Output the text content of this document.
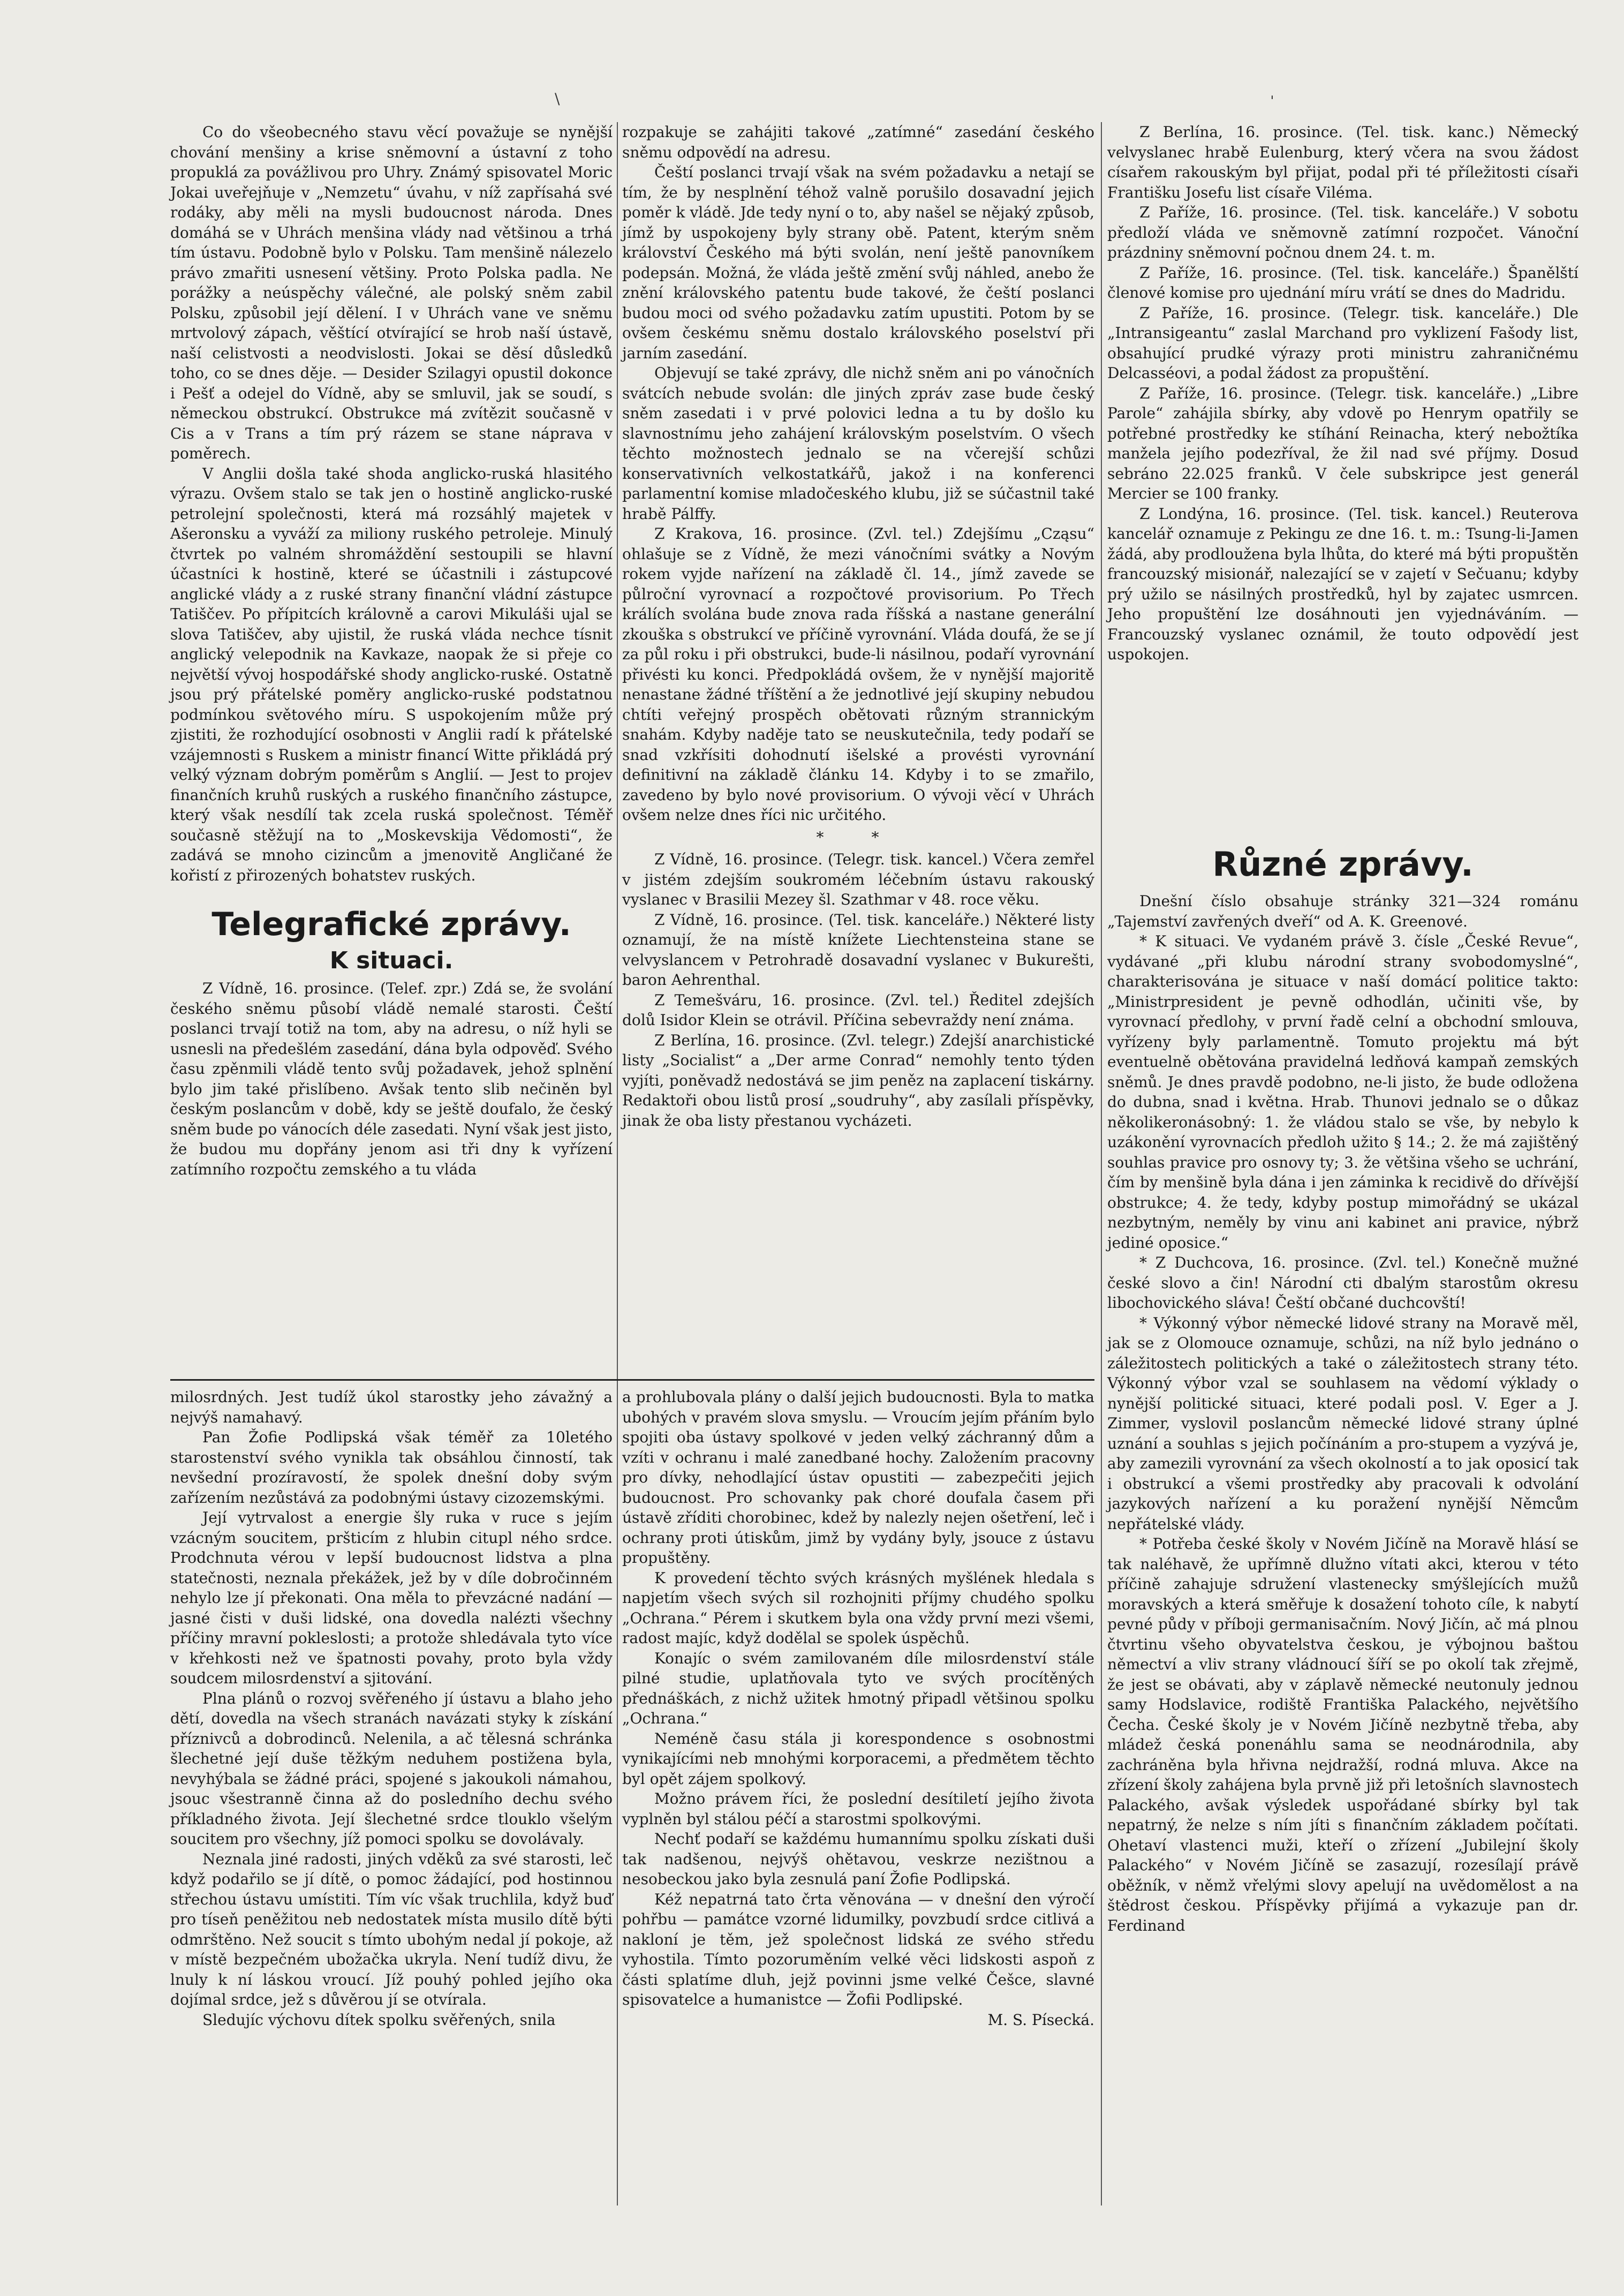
\	ˈ

Co do všeobecného stavu věcí považuje se nynější chování menšiny a krise sněmovní a ústavní z toho propuklá za povážlivou pro Uhry. Známý spisovatel Moric Jokai uveřejňuje v „Nemzetu“ úvahu, v níž zapřísahá své rodáky, aby měli na mysli budoucnost národa. Dnes domáhá se v Uhrách menšina vlády nad většinou a trhá tím ústavu. Podobně bylo v Polsku. Tam menšině nálezelo právo zmařiti usnesení většiny. Proto Polska padla. Ne porážky a neúspěchy válečné, ale polský sněm zabil Polsku, způsobil její dělení. I v Uhrách vane ve sněmu mrtvolový zápach, věštící otvírající se hrob naší ústavě, naší celistvosti a neodvislosti. Jokai se děsí důsledků toho, co se dnes děje. — Desider Szilagyi opustil dokonce i Pešť a odejel do Vídně, aby se smluvil, jak se soudí, s německou obstrukcí. Obstrukce má zvítězit současně v Cis a v Trans a tím prý rázem se stane náprava v poměrech.

V Anglii došla také shoda anglicko-ruská hlasitého výrazu. Ovšem stalo se tak jen o hostině anglicko-ruské petrolejní společnosti, která má rozsáhlý majetek v Ašeronsku a vyváží za miliony ruského petroleje. Minulý čtvrtek po valném shromáždění sestoupili se hlavní účastníci k hostině, které se účastnili i zástupcové anglické vlády a z ruské strany finanční vládní zástupce Tatiščev. Po přípitcích královně a carovi Mikuláši ujal se slova Tatiščev, aby ujistil, že ruská vláda nechce tísnit anglický velepodnik na Kavkaze, naopak že si přeje co největší vývoj hospodářské shody anglicko-ruské. Ostatně jsou prý přátelské poměry anglicko-ruské podstatnou podmínkou světového míru. S uspokojením může prý zjistiti, že rozhodující osobnosti v Anglii radí k přátelské vzájemnosti s Ruskem a ministr financí Witte přikládá prý velký význam dobrým poměrům s Anglií. — Jest to projev finančních kruhů ruských a ruského finančního zástupce, který však nesdílí tak zcela ruská společnost. Téměř současně stěžují na to „Moskevskija Vědomosti“, že zadává se mnoho cizincům a jmenovitě Angličané že kořistí z přirozených bohatstev ruských.

Telegrafické zprávy.
K situaci.

Z Vídně, 16. prosince. (Telef. zpr.) Zdá se, že svolání českého sněmu působí vládě nemalé starosti. Čeští poslanci trvají totiž na tom, aby na adresu, o níž hyli se usnesli na předešlém zasedání, dána byla odpověď. Svého času zpěnmili vládě tento svůj požadavek, jehož splnění bylo jim také přislíbeno. Avšak tento slib nečiněn byl českým poslancům v době, kdy se ještě doufalo, že český sněm bude po vánocích déle zasedati. Nyní však jest jisto, že budou mu dopřány jenom asi tři dny k vyřízení zatímního rozpočtu zemského a tu vláda

rozpakuje se zahájiti takové „zatímné“ zasedání českého sněmu odpovědí na adresu.

Čeští poslanci trvají však na svém požadavku a netají se tím, že by nesplnění téhož valně porušilo dosavadní jejich poměr k vládě. Jde tedy nyní o to, aby našel se nějaký způsob, jímž by uspokojeny byly strany obě. Patent, kterým sněm království Českého má býti svolán, není ještě panovníkem podepsán. Možná, že vláda ještě změní svůj náhled, anebo že znění královského patentu bude takové, že čeští poslanci budou moci od svého požadavku zatím upustiti. Potom by se ovšem českému sněmu dostalo královského poselství při jarním zasedání.

Objevují se také zprávy, dle nichž sněm ani po vánočních svátcích nebude svolán: dle jiných zpráv zase bude český sněm zasedati i v prvé polovici ledna a tu by došlo ku slavnostnímu jeho zahájení královským poselstvím. O všech těchto možnostech jednalo se na včerejší schůzi konservativních velkostatkářů, jakož i na konferenci parlamentní komise mladočeského klubu, již se súčastnil také hrabě Pálffy.

Z Krakova, 16. prosince. (Zvl. tel.) Zdejšímu „Cząsu“ ohlašuje se z Vídně, že mezi vánočními svátky a Novým rokem vyjde nařízení na základě čl. 14., jímž zavede se půlroční vyrovnací a rozpočtové provisorium. Po Třech králích svolána bude znova rada říšská a nastane generální zkouška s obstrukcí ve příčině vyrovnání. Vláda doufá, že se jí za půl roku i při obstrukci, bude-li násilnou, podaří vyrovnání přivésti ku konci. Předpokládá ovšem, že v nynější majoritě nenastane žádné tříštění a že jednotlivé její skupiny nebudou chtíti veřejný prospěch obětovati různým strannickým snahám. Kdyby naděje tato se neuskutečnila, tedy podaří se snad vzkřísiti dohodnutí išelské a provésti vyrovnání definitivní na základě článku 14. Kdyby i to se zmařilo, zavedeno by bylo nové provisorium. O vývoji věcí v Uhrách ovšem nelze dnes říci nic určitého.

* *

Z Vídně, 16. prosince. (Telegr. tisk. kancel.) Včera zemřel v jistém zdejším soukromém léčebním ústavu rakouský vyslanec v Brasilii Mezey šl. Szathmar v 48. roce věku.

Z Vídně, 16. prosince. (Tel. tisk. kanceláře.) Některé listy oznamují, že na místě knížete Liechtensteina stane se velvyslancem v Petrohradě dosavadní vyslanec v Bukurešti, baron Aehrenthal.

Z Temešváru, 16. prosince. (Zvl. tel.) Ředitel zdejších dolů Isidor Klein se otrávil. Příčina sebevraždy není známa.

Z Berlína, 16. prosince. (Zvl. telegr.) Zdejší anarchistické listy „Socialist“ a „Der arme Conrad“ nemohly tento týden vyjíti, poněvadž nedostává se jim peněz na zaplacení tiskárny. Redaktoři obou listů prosí „soudruhy“, aby zasílali příspěvky, jinak že oba listy přestanou vycházeti.

Z Berlína, 16. prosince. (Tel. tisk. kanc.) Německý velvyslanec hrabě Eulenburg, který včera na svou žádost císařem rakouským byl přijat, podal při té příležitosti císaři Františku Josefu list císaře Viléma.

Z Paříže, 16. prosince. (Tel. tisk. kanceláře.) V sobotu předloží vláda ve sněmovně zatímní rozpočet. Vánoční prázdniny sněmovní počnou dnem 24. t. m.

Z Paříže, 16. prosince. (Tel. tisk. kanceláře.) Španělští členové komise pro ujednání míru vrátí se dnes do Madridu.

Z Paříže, 16. prosince. (Telegr. tisk. kanceláře.) Dle „Intransigeantu“ zaslal Marchand pro vyklizení Fašody list, obsahující prudké výrazy proti ministru zahraničnému Delcasséovi, a podal žádost za propuštění.

Z Paříže, 16. prosince. (Telegr. tisk. kanceláře.) „Libre Parole“ zahájila sbírky, aby vdově po Henrym opatřily se potřebné prostředky ke stíhání Reinacha, který nebožtíka manžela jejího podezříval, že žil nad své příjmy. Dosud sebráno 22.025 franků. V čele subskripce jest generál Mercier se 100 franky.

Z Londýna, 16. prosince. (Tel. tisk. kancel.) Reuterova kancelář oznamuje z Pekingu ze dne 16. t. m.: Tsung-li-Jamen žádá, aby prodloužena byla lhůta, do které má býti propuštěn francouzský misionář, nalezající se v zajetí v Sečuanu; kdyby prý užilo se násilných prostředků, hyl by zajatec usmrcen. Jeho propuštění lze dosáhnouti jen vyjednáváním. — Francouzský vyslanec oznámil, že touto odpovědí jest uspokojen.

Různé zprávy.

Dnešní číslo obsahuje stránky 321—324 románu „Tajemství zavřených dveří“ od A. K. Greenové.

* K situaci. Ve vydaném právě 3. čísle „České Revue“, vydávané „při klubu národní strany svobodomyslné“, charakterisována je situace v naší domácí politice takto: „Ministrpresident je pevně odhodlán, učiniti vše, by vyrovnací předlohy, v první řadě celní a obchodní smlouva, vyřízeny byly parlamentně. Tomuto projektu má být eventuelně obětována pravidelná ledňová kampaň zemských sněmů. Je dnes pravdě podobno, ne-li jisto, že bude odložena do dubna, snad i května. Hrab. Thunovi jednalo se o důkaz několikeronásobný: 1. že vládou stalo se vše, by nebylo k uzákonění vyrovnacích předloh užito § 14.; 2. že má zajištěný souhlas pravice pro osnovy ty; 3. že většina všeho se uchrání, čím by menšině byla dána i jen záminka k recidivě do dřívější obstrukce; 4. že tedy, kdyby postup mimořádný se ukázal nezbytným, neměly by vinu ani kabinet ani pravice, nýbrž jediné oposice.“

* Z Duchcova, 16. prosince. (Zvl. tel.) Konečně mužné české slovo a čin! Národní cti dbalým starostům okresu libochovického sláva! Čeští občané duchcovští!

* Výkonný výbor německé lidové strany na Moravě měl, jak se z Olomouce oznamuje, schůzi, na níž bylo jednáno o záležitostech politických a také o záležitostech strany této. Výkonný výbor vzal se souhlasem na vědomí výklady o nynější politické situaci, které podali posl. V. Eger a J. Zimmer, vyslovil poslancům německé lidové strany úplné uznání a souhlas s jejich počínáním a pro-stupem a vyzývá je, aby zamezili vyrovnání za všech okolností a to jak oposicí tak i obstrukcí a všemi prostředky aby pracovali k odvolání jazykových nařízení a ku poražení nynější Němcům nepřátelské vlády.

* Potřeba české školy v Novém Jičíně na Moravě hlásí se tak naléhavě, že upřímně dlužno vítati akci, kterou v této příčině zahajuje sdružení vlastenecky smýšlejících mužů moravských a která směřuje k dosažení tohoto cíle, k nabytí pevné půdy v příboji germanisačním. Nový Jičín, ač má plnou čtvrtinu všeho obyvatelstva českou, je výbojnou baštou němectví a vliv strany vládnoucí šíří se po okolí tak zřejmě, že jest se obávati, aby v záplavě německé neutonuly jednou samy Hodslavice, rodiště Františka Palackého, největšího Čecha. České školy je v Novém Jičíně nezbytně třeba, aby mládež česká ponenáhlu sama se neodnárodnila, aby zachráněna byla hřivna nejdražší, rodná mluva. Akce na zřízení školy zahájena byla prvně již při letošních slavnostech Palackého, avšak výsledek uspořádané sbírky byl tak nepatrný, že nelze s ním jíti s finančním základem počítati. Ohetaví vlastenci muži, kteří o zřízení „Jubilejní školy Palackého“ v Novém Jičíně se zasazují, rozesílají právě oběžník, v němž vřelými slovy apelují na uvědomělost a na štědrost českou. Příspěvky přijímá a vykazuje pan dr. Ferdinand

milosrdných. Jest tudíž úkol starostky jeho závažný a nejvýš namahavý.

Pan Žofie Podlipská však téměř za 10letého starostenství svého vynikla tak obsáhlou činností, tak nevšední prozíravostí, že spolek dnešní doby svým zařízením nezůstává za podobnými ústavy cizozemskými.

Její vytrvalost a energie šly ruka v ruce s jejím vzácným soucitem, pršticím z hlubin citupl ného srdce. Prodchnuta vérou v lepší budoucnost lidstva a plna statečnosti, neznala překážek, jež by v díle dobročinném nehylo lze jí překonati. Ona měla to převzácné nadání — jasné čisti v duši lidské, ona dovedla nalézti všechny příčiny mravní pokleslosti; a protože shledávala tyto více v křehkosti než ve špatnosti povahy, proto byla vždy soudcem milosrdenství a sjitování.

Plna plánů o rozvoj svěřeného jí ústavu a blaho jeho dětí, dovedla na všech stranách navázati styky k získání příznivců a dobrodinců. Nelenila, a ač tělesná schránka šlechetné její duše těžkým neduhem postižena byla, nevyhýbala se žádné práci, spojené s jakoukoli námahou, jsouc všestranně činna až do posledního dechu svého příkladného života. Její šlechetné srdce tlouklo všelým soucitem pro všechny, jíž pomoci spolku se dovolávaly.

Neznala jiné radosti, jiných vděků za své starosti, leč když podařilo se jí dítě, o pomoc žádající, pod hostinnou střechou ústavu umístiti. Tím víc však truchlila, když buď pro tíseň peněžitou neb nedostatek místa musilo dítě býti odmrštěno. Než soucit s tímto ubohým nedal jí pokoje, až v místě bezpečném ubožačka ukryla. Není tudíž divu, že lnuly k ní láskou vroucí. Jíž pouhý pohled jejího oka dojímal srdce, jež s důvěrou jí se otvírala.

Sledujíc výchovu dítek spolku svěřených, snila

a prohlubovala plány o další jejich budoucnosti. Byla to matka ubohých v pravém slova smyslu. — Vroucím jejím přáním bylo spojiti oba ústavy spolkové v jeden velký záchranný dům a vzíti v ochranu i malé zanedbané hochy. Založením pracovny pro dívky, nehodlající ústav opustiti — zabezpečiti jejich budoucnost. Pro schovanky pak choré doufala časem při ústavě zříditi chorobinec, kdež by nalezly nejen ošetření, leč i ochrany proti útiskům, jimž by vydány byly, jsouce z ústavu propuštěny.

K provedení těchto svých krásných myšlének hledala s napjetím všech svých sil rozhojniti příjmy chudého spolku „Ochrana.“ Pérem i skutkem byla ona vždy první mezi všemi, radost majíc, když dodělal se spolek úspěchů.

Konajíc o svém zamilovaném díle milosrdenství stále pilné studie, uplatňovala tyto ve svých procítěných přednáškách, z nichž užitek hmotný připadl většinou spolku „Ochrana.“

Neméně času stála ji korespondence s osobnostmi vynikajícími neb mnohými korporacemi, a předmětem těchto byl opět zájem spolkový.

Možno právem říci, že poslední desítiletí jejího života vyplněn byl stálou péčí a starostmi spolkovými.

Nechť podaří se každému humannímu spolku získati duši tak nadšenou, nejvýš ohětavou, veskrze nezištnou a nesobeckou jako byla zesnulá paní Žofie Podlipská.

Kéž nepatrná tato črta věnována — v dnešní den výročí pohřbu — památce vzorné lidumilky, povzbudí srdce citlivá a nakloní je těm, jež společnost lidská ze svého středu vyhostila. Tímto pozoruměním velké věci lidskosti aspoň z části splatíme dluh, jejž povinni jsme velké Češce, slavné spisovatelce a humanistce — Žofii Podlipské.

M. S. Písecká.
